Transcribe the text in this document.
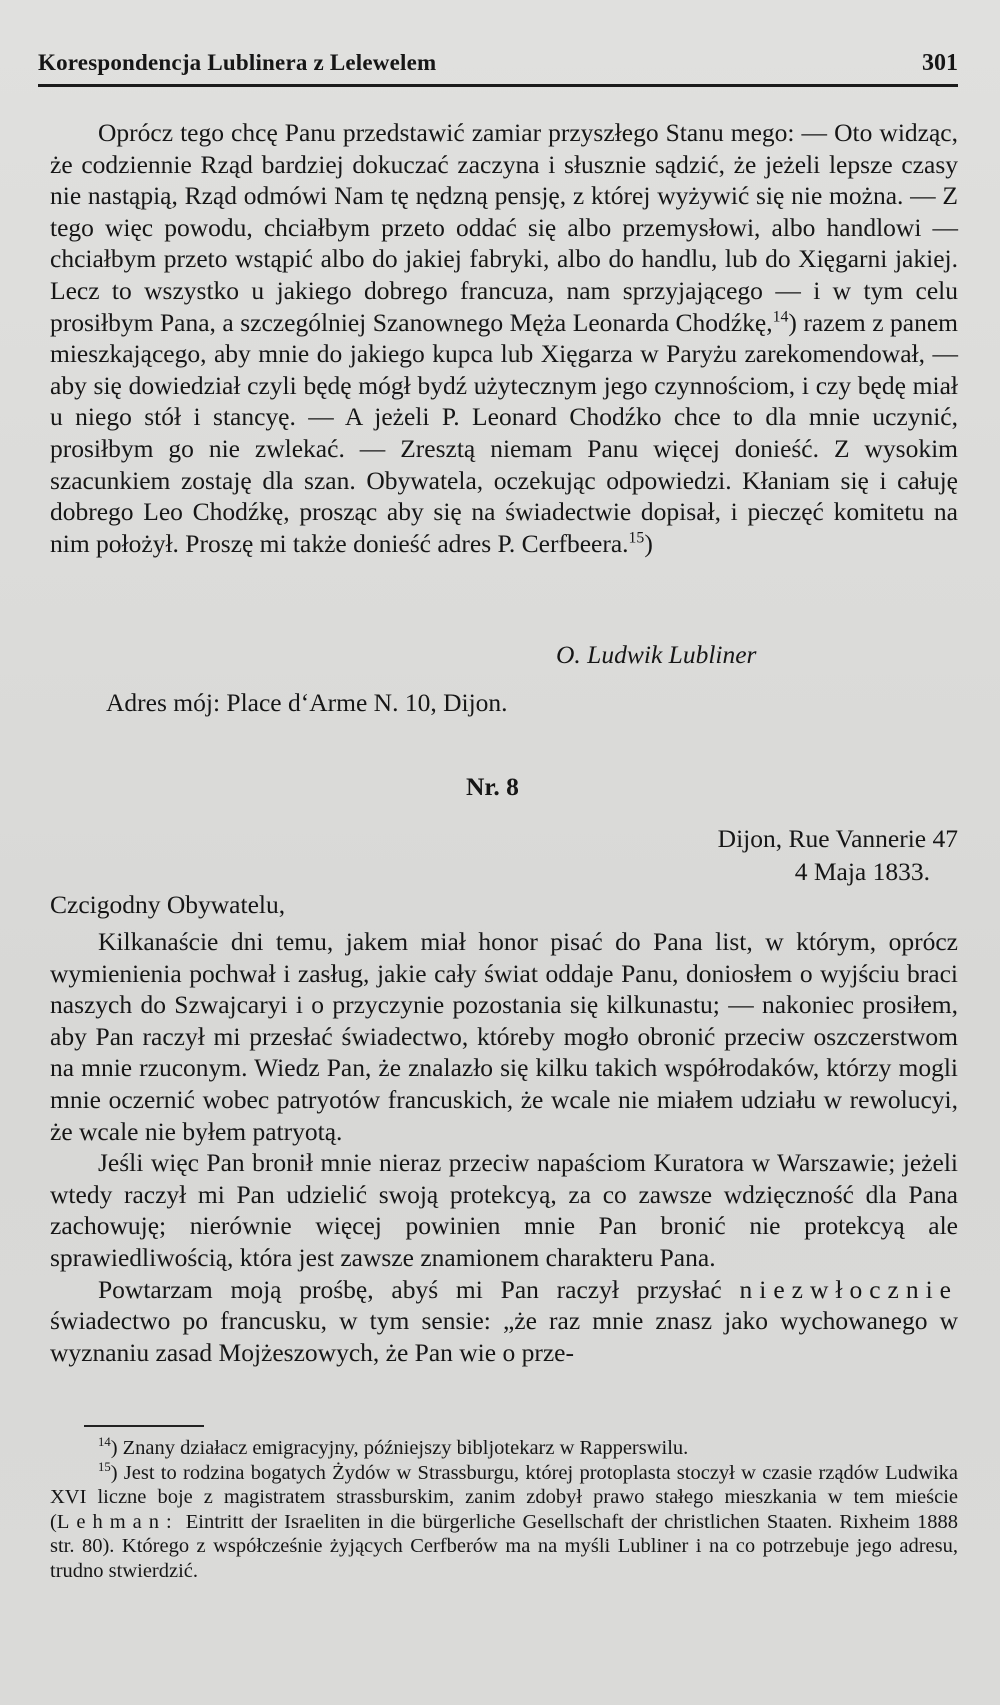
Korespondencja Lublinera z Lelewelem	301

Oprócz tego chcę Panu przedstawić zamiar przyszłego Stanu mego: — Oto widząc, że codziennie Rząd bardziej dokuczać zaczyna i słusznie sądzić, że jeżeli lepsze czasy nie nastąpią, Rząd odmówi Nam tę nędzną pensję, z której wyżywić się nie można. — Z tego więc powodu, chciałbym przeto oddać się albo przemysłowi, albo handlowi — chciałbym przeto wstąpić albo do jakiej fabryki, albo do handlu, lub do Xięgarni jakiej. Lecz to wszystko u jakiego dobrego francuza, nam sprzyjającego — i w tym celu prosiłbym Pana, a szczególniej Szanownego Męża Leonarda Chodźkę,$^{14}$) razem z panem mieszkającego, aby mnie do jakiego kupca lub Xięgarza w Paryżu zarekomendował, — aby się dowiedział czyli będę mógł bydź użytecznym jego czynnościom, i czy będę miał u niego stół i stancyę. — A jeżeli P. Leonard Chodźko chce to dla mnie uczynić, prosiłbym go nie zwlekać. — Zresztą niemam Panu więcej donieść. Z wysokim szacunkiem zostaję dla szan. Obywatela, oczekując odpowiedzi. Kłaniam się i całuję dobrego Leo Chodźkę, prosząc aby się na świadectwie dopisał, i pieczęć komitetu na nim położył. Proszę mi także donieść adres P. Cerfbeera.$^{15}$)

O. Ludwik Lubliner
Adres mój: Place d‘Arme N. 10, Dijon.
Nr. 8
Dijon, Rue Vannerie 47
4 Maja 1833.
Czcigodny Obywatelu,

Kilkanaście dni temu, jakem miał honor pisać do Pana list, w którym, oprócz wymienienia pochwał i zasług, jakie cały świat oddaje Panu, doniosłem o wyjściu braci naszych do Szwajcaryi i o przyczynie pozostania się kilkunastu; — nakoniec prosiłem, aby Pan raczył mi przesłać świadectwo, któreby mogło obronić przeciw oszczerstwom na mnie rzuconym. Wiedz Pan, że znalazło się kilku takich współrodaków, którzy mogli mnie oczernić wobec patryotów francuskich, że wcale nie miałem udziału w rewolucyi, że wcale nie byłem patryotą.

Jeśli więc Pan bronił mnie nieraz przeciw napaściom Kuratora w Warszawie; jeżeli wtedy raczył mi Pan udzielić swoją protekcyą, za co zawsze wdzięczność dla Pana zachowuję; nierównie więcej powinien mnie Pan bronić nie protekcyą ale sprawiedliwością, która jest zawsze znamionem charakteru Pana.

Powtarzam moją prośbę, abyś mi Pan raczył przysłać niezwłocznie świadectwo po francusku, w tym sensie: „że raz mnie znasz jako wychowanego w wyznaniu zasad Mojżeszowych, że Pan wie o prze-

$^{14}$) Znany działacz emigracyjny, późniejszy bibljotekarz w Rapperswilu.

$^{15}$) Jest to rodzina bogatych Żydów w Strassburgu, której protoplasta stoczył w czasie rządów Ludwika XVI liczne boje z magistratem strassburskim, zanim zdobył prawo stałego mieszkania w tem mieście (Lehman: Eintritt der Israeliten in die bürgerliche Gesellschaft der christlichen Staaten. Rixheim 1888 str. 80). Którego z współcześnie żyjących Cerfberów ma na myśli Lubliner i na co potrzebuje jego adresu, trudno stwierdzić.
